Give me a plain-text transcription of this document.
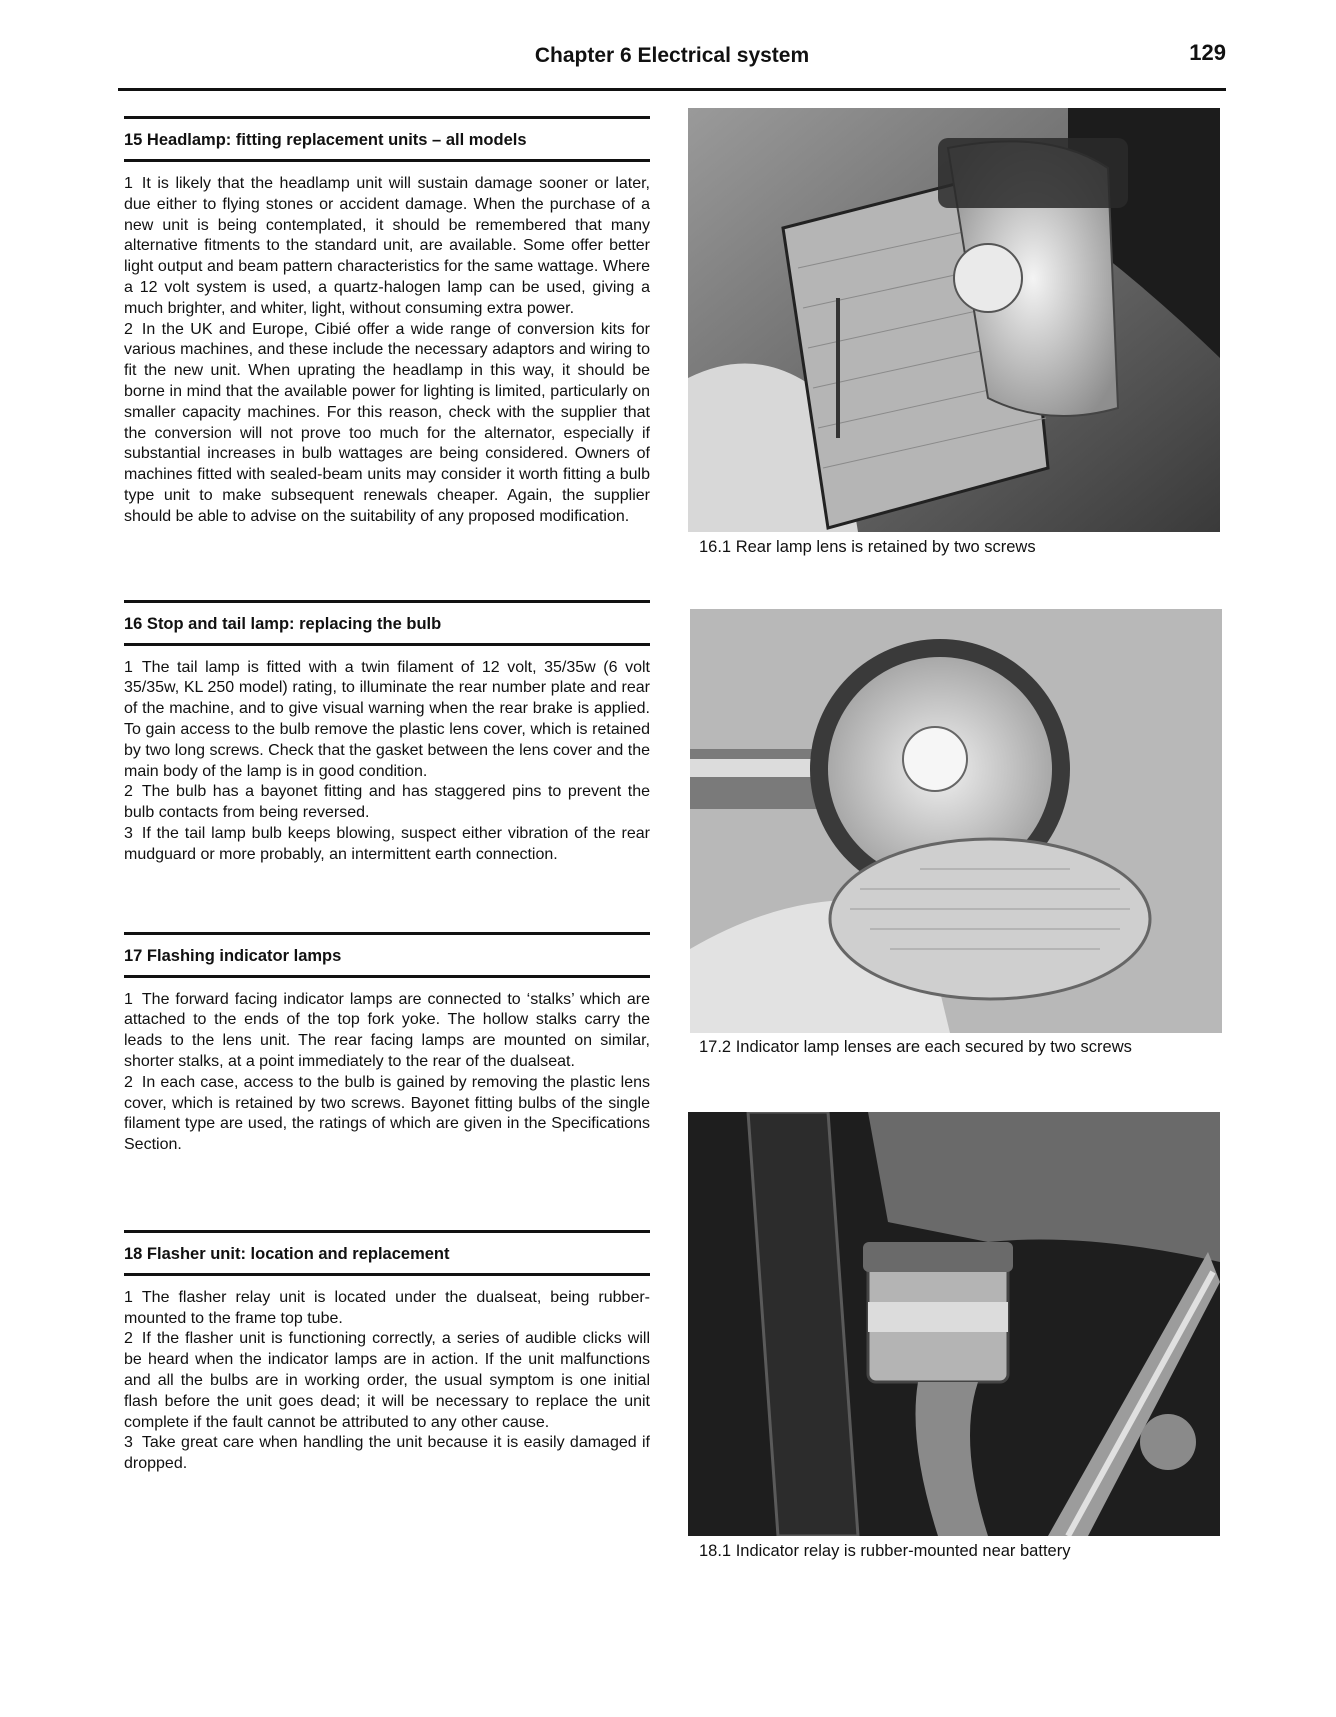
Chapter 6 Electrical system	129
15 Headlamp: fitting replacement units – all models

1 It is likely that the headlamp unit will sustain damage sooner or later, due either to flying stones or accident damage. When the purchase of a new unit is being contemplated, it should be remembered that many alternative fitments to the standard unit, are available. Some offer better light output and beam pattern characteristics for the same wattage. Where a 12 volt system is used, a quartz-halogen lamp can be used, giving a much brighter, and whiter, light, without consuming extra power.

2 In the UK and Europe, Cibié offer a wide range of conversion kits for various machines, and these include the necessary adaptors and wiring to fit the new unit. When uprating the headlamp in this way, it should be borne in mind that the available power for lighting is limited, particularly on smaller capacity machines. For this reason, check with the supplier that the conversion will not prove too much for the alternator, especially if substantial increases in bulb wattages are being considered. Owners of machines fitted with sealed-beam units may consider it worth fitting a bulb type unit to make subsequent renewals cheaper. Again, the supplier should be able to advise on the suitability of any proposed modification.

16 Stop and tail lamp: replacing the bulb

1 The tail lamp is fitted with a twin filament of 12 volt, 35/35w (6 volt 35/35w, KL 250 model) rating, to illuminate the rear number plate and rear of the machine, and to give visual warning when the rear brake is applied. To gain access to the bulb remove the plastic lens cover, which is retained by two long screws. Check that the gasket between the lens cover and the main body of the lamp is in good condition.

2 The bulb has a bayonet fitting and has staggered pins to prevent the bulb contacts from being reversed.

3 If the tail lamp bulb keeps blowing, suspect either vibration of the rear mudguard or more probably, an intermittent earth connection.

17 Flashing indicator lamps

1 The forward facing indicator lamps are connected to ‘stalks’ which are attached to the ends of the top fork yoke. The hollow stalks carry the leads to the lens unit. The rear facing lamps are mounted on similar, shorter stalks, at a point immediately to the rear of the dualseat.

2 In each case, access to the bulb is gained by removing the plastic lens cover, which is retained by two screws. Bayonet fitting bulbs of the single filament type are used, the ratings of which are given in the Specifications Section.

18 Flasher unit: location and replacement

1 The flasher relay unit is located under the dualseat, being rubber-mounted to the frame top tube.

2 If the flasher unit is functioning correctly, a series of audible clicks will be heard when the indicator lamps are in action. If the unit malfunctions and all the bulbs are in working order, the usual symptom is one initial flash before the unit goes dead; it will be necessary to replace the unit complete if the fault cannot be attributed to any other cause.

3 Take great care when handling the unit because it is easily damaged if dropped.

16.1 Rear lamp lens is retained by two screws
17.2 Indicator lamp lenses are each secured by two screws
18.1 Indicator relay is rubber-mounted near battery
